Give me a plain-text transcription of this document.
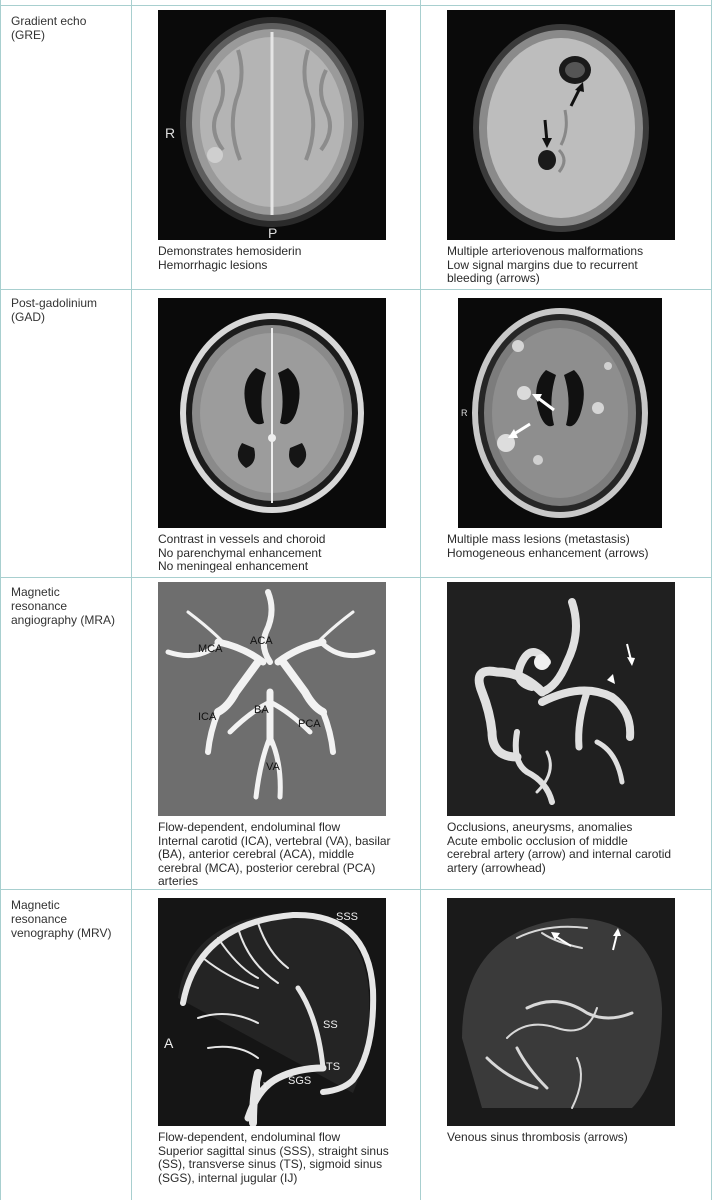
Gradient echo
(GRE)
R
P
Demonstrates hemosiderin
Hemorrhagic lesions
Multiple arteriovenous malformations
Low signal margins due to recurrent
bleeding (arrows)
Post-gadolinium
(GAD)
R
Contrast in vessels and choroid
No parenchymal enhancement
No meningeal enhancement
Multiple mass lesions (metastasis)
Homogeneous enhancement (arrows)
Magnetic
resonance
angiography (MRA)
MCA
ACA
ICA
BA
PCA
VA
Flow-dependent, endoluminal flow
Internal carotid (ICA), vertebral (VA), basilar
(BA), anterior cerebral (ACA), middle
cerebral (MCA), posterior cerebral (PCA)
arteries
Occlusions, aneurysms, anomalies
Acute embolic occlusion of middle
cerebral artery (arrow) and internal carotid
artery (arrowhead)
Magnetic
resonance
venography (MRV)
SSS
SS
TS
SGS
IJ
A
Flow-dependent, endoluminal flow
Superior sagittal sinus (SSS), straight sinus
(SS), transverse sinus (TS), sigmoid sinus
(SGS), internal jugular (IJ)
Venous sinus thrombosis (arrows)
